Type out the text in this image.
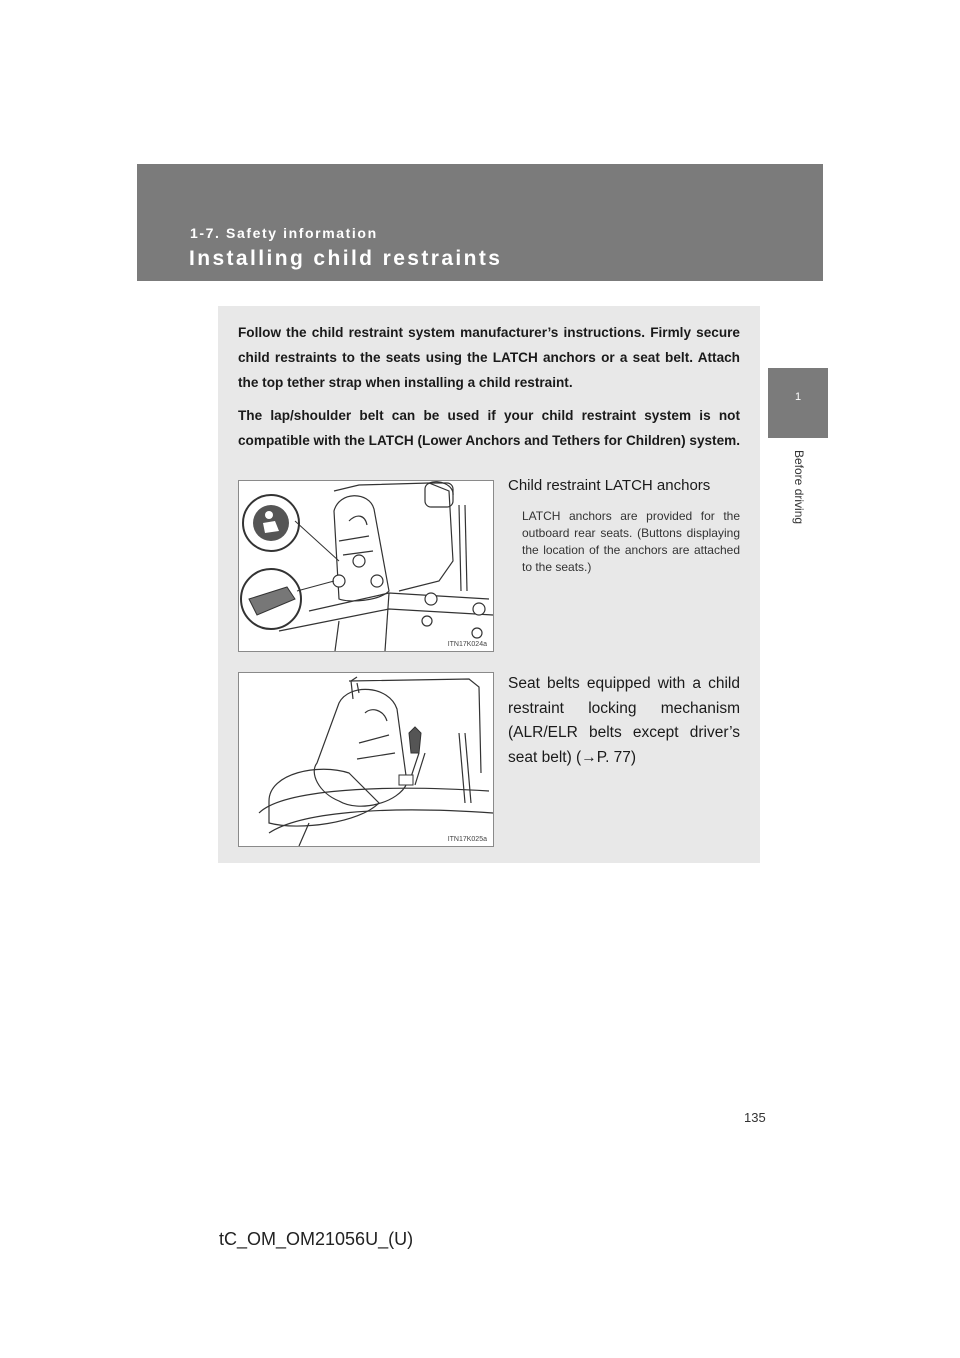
1-7. Safety information
Installing child restraints
1
Before driving

Follow the child restraint system manufacturer’s instructions. Firmly secure child restraints to the seats using the LATCH anchors or a seat belt. Attach the top tether strap when installing a child restraint.

The lap/shoulder belt can be used if your child restraint system is not compatible with the LATCH (Lower Anchors and Tethers for Children) system.

ITN17K024a
Child restraint LATCH anchors
LATCH anchors are provided for the outboard rear seats. (Buttons displaying the location of the anchors are attached to the seats.)
ITN17K025a
Seat belts equipped with a child restraint locking mechanism (ALR/ELR belts except driver’s seat belt) (→P. 77)
135
tC_OM_OM21056U_(U)
